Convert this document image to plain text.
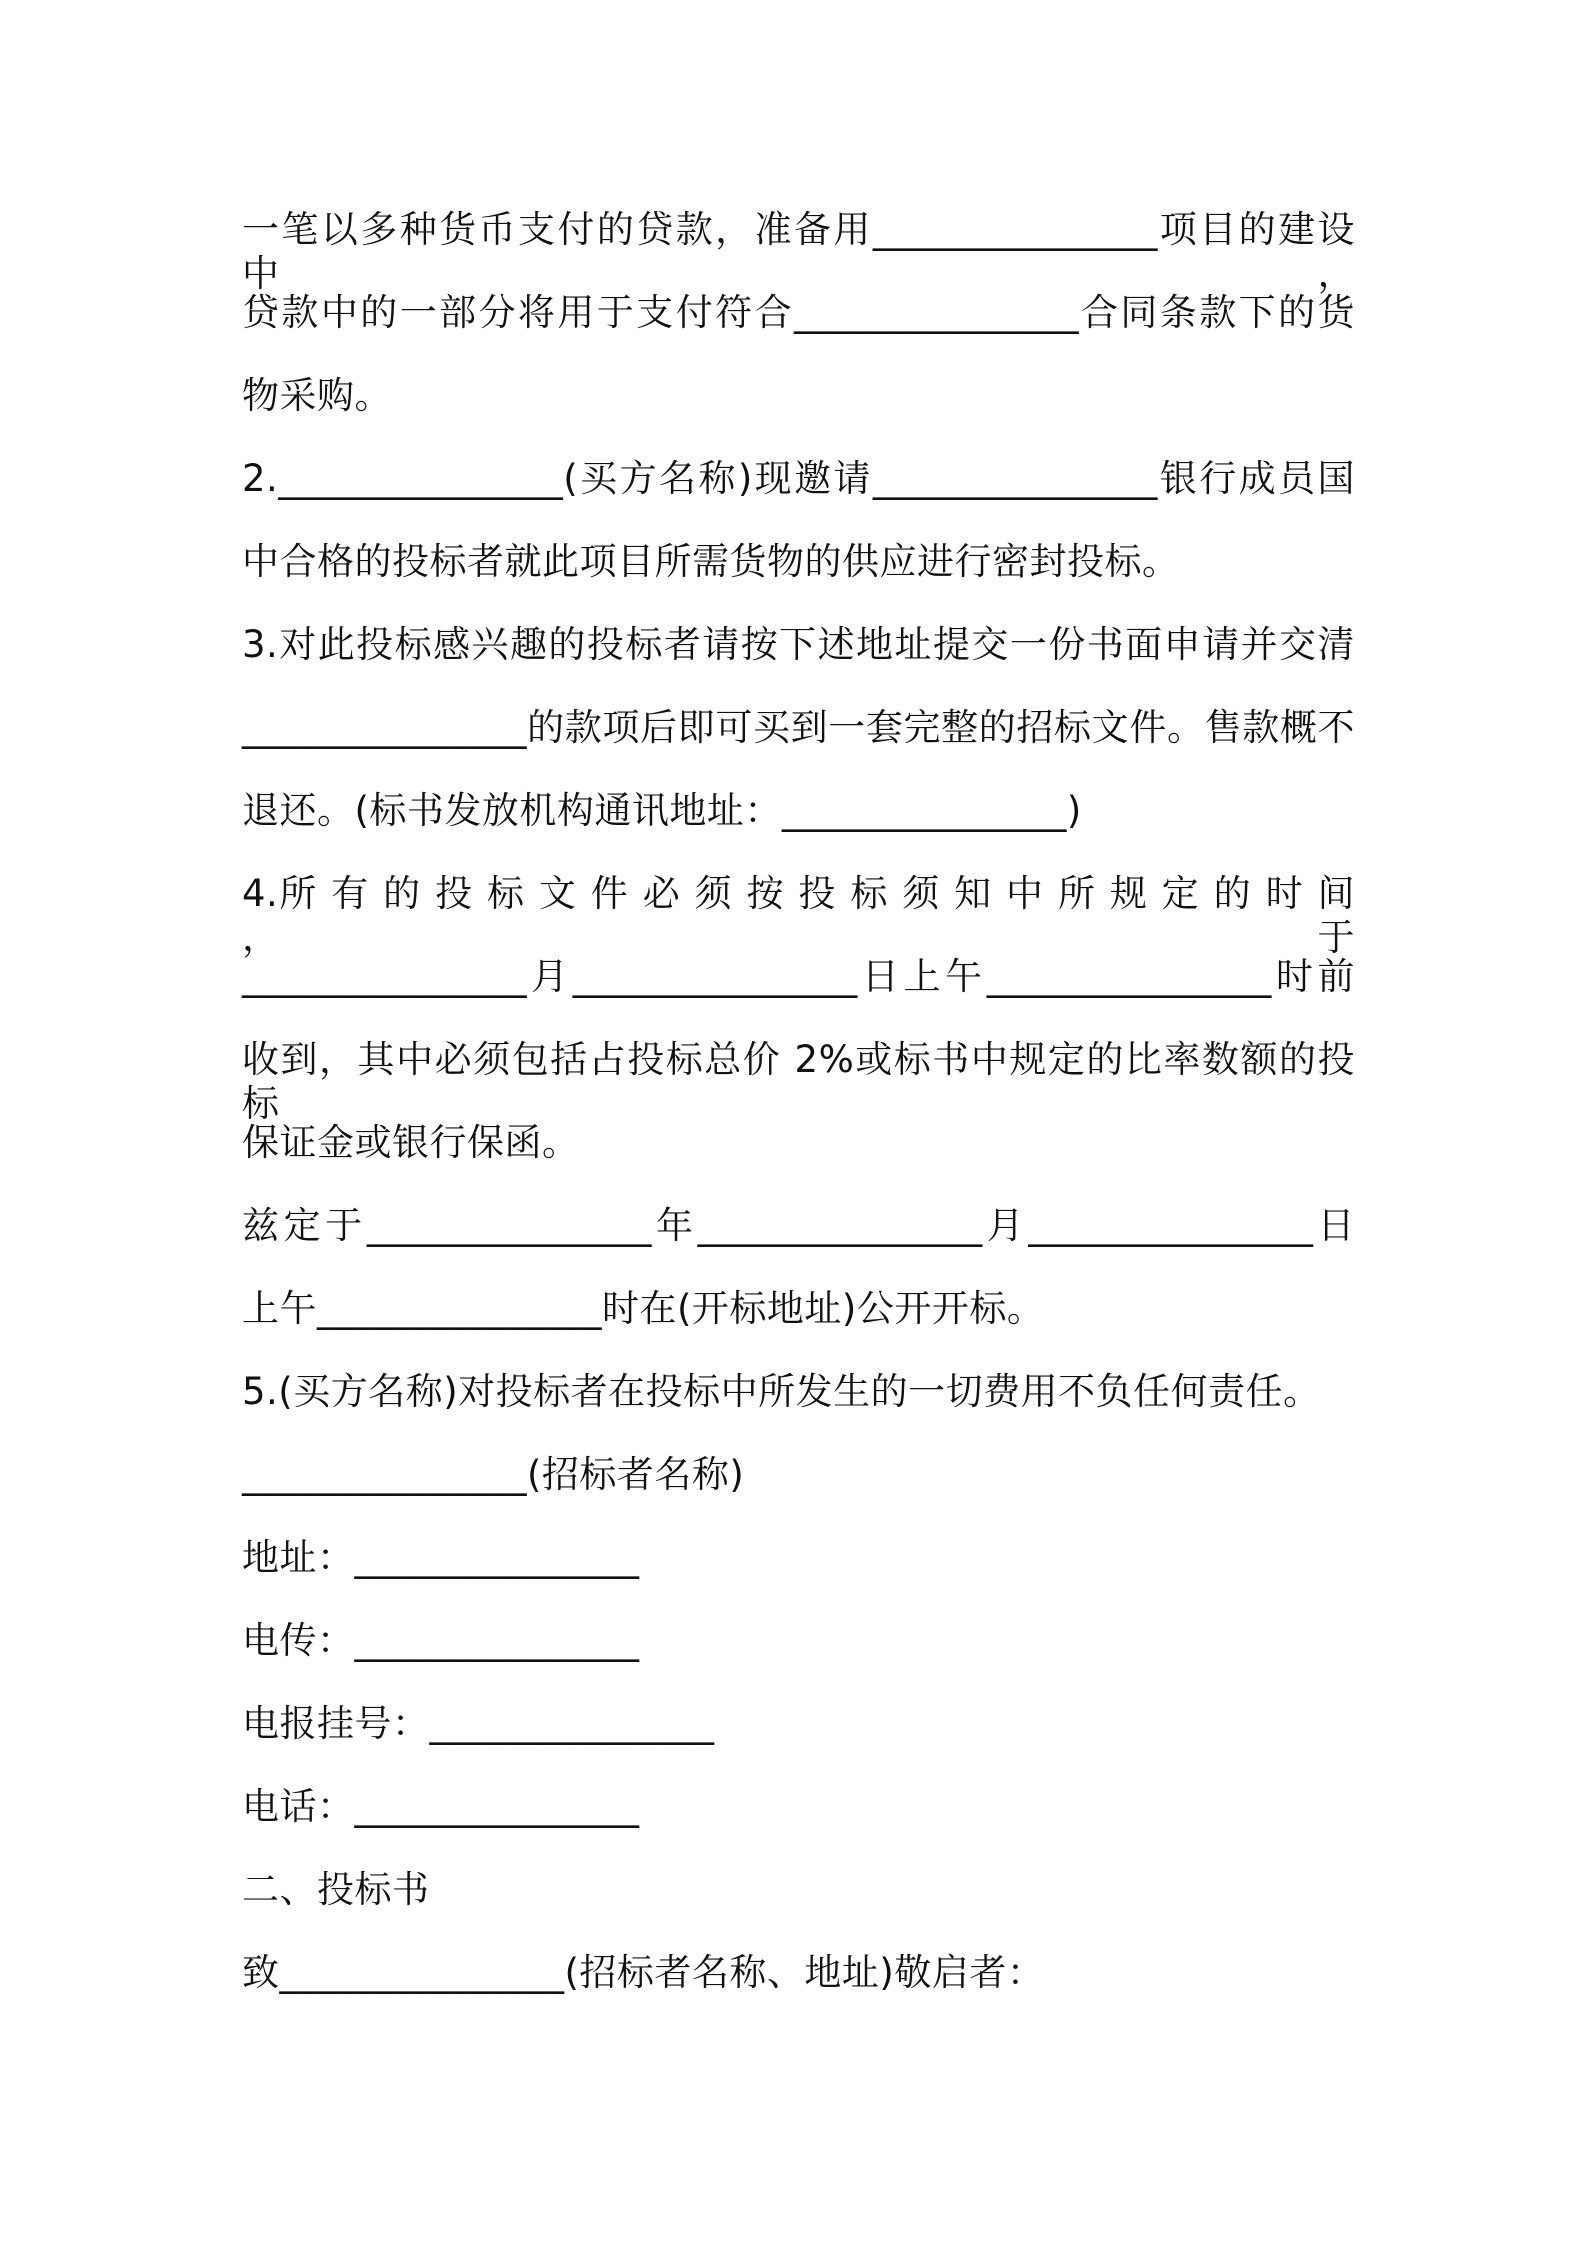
一笔以多种货币支付的贷款，准备用_______________项目的建设中，
贷款中的一部分将用于支付符合_______________合同条款下的货
物采购。
2._______________(买方名称)现邀请_______________银行成员国
中合格的投标者就此项目所需货物的供应进行密封投标。
3.对此投标感兴趣的投标者请按下述地址提交一份书面申请并交清
_______________的款项后即可买到一套完整的招标文件。售款概不
退还。(标书发放机构通讯地址：_______________)
4.所 有 的 投 标 文 件 必 须 按 投 标 须 知 中 所 规 定 的 时 间 ， 于
_______________月_______________日上午_______________时前
收到，其中必须包括占投标总价 2%或标书中规定的比率数额的投标
保证金或银行保函。
兹定于_______________年_______________月_______________日
上午_______________时在(开标地址)公开开标。
5.(买方名称)对投标者在投标中所发生的一切费用不负任何责任。
_______________(招标者名称)
地址：_______________
电传：_______________
电报挂号：_______________
电话：_______________
二、投标书
致_______________(招标者名称、地址)敬启者：
